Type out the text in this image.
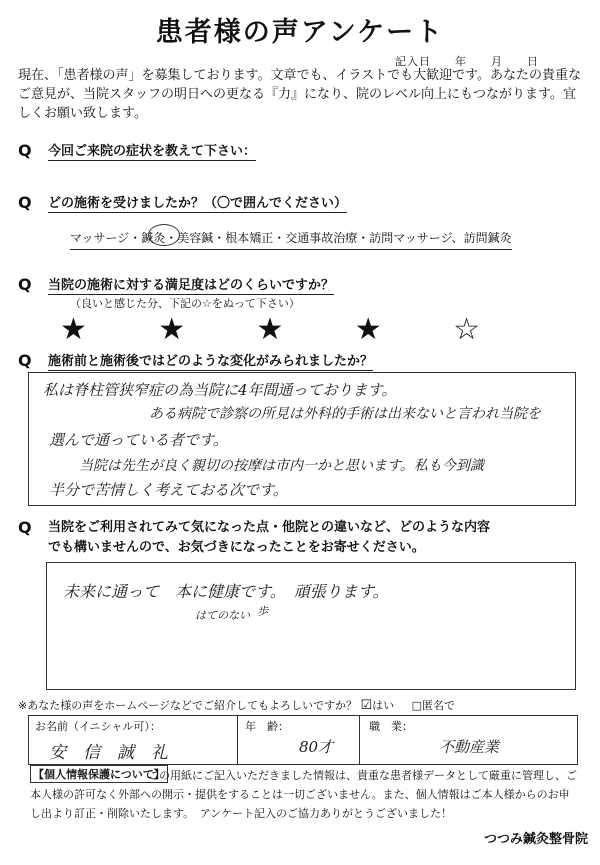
患者様の声アンケート
記入日　　年　　月　　日
現在、「患者様の声」を募集しております。文章でも、イラストでも大歓迎です。あなたの貴重なご意見が、当院スタッフの明日への更なる『力』になり、院のレベル向上にもつながります。宜しくお願い致します。
Q	今回ご来院の症状を教えて下さい：
Q	どの施術を受けましたか？（〇で囲んでください）
マッサージ・鍼灸・美容鍼・根本矯正・交通事故治療・訪問マッサージ、訪問鍼灸
Q	当院の施術に対する満足度はどのくらいですか？
（良いと感じた分、下記の☆をぬって下さい）
★ ★ ★ ★ ☆
Q	施術前と施術後ではどのような変化がみられましたか？
私は脊柱管狭窄症の為当院に4年間通っております。
ある病院で診察の所見は外科的手術は出来ないと言われ当院を
選んで通っている者です。
当院は先生が良く親切の按摩は市内一かと思います。私も今到識
半分で苦情しく考えておる次です。
Q	当院をご利用されてみて気になった点・他院との違いなど、どのような内容
でも構いませんので、お気づきになったことをお寄せください。
未来に通って　本に健康です。　頑張ります。
はてのない 歩
※あなた様の声をホームページなどでご紹介してもよろしいですか？ ☑はい □匿名で
お名前（イニシャル可）：
安　信　誠　礼
年　齢：
80才
職　業：
不動産業
この用紙にご記入いただきました情報は、貴重な患者様データとして厳重に管理し、ご本人様の許可なく外部への開示・提供をすることは一切ございません。また、個人情報はご本人様からのお申し出より訂正・削除いたします。　アンケート記入のご協力ありがとうございました！
【個人情報保護について】
つつみ鍼灸整骨院
